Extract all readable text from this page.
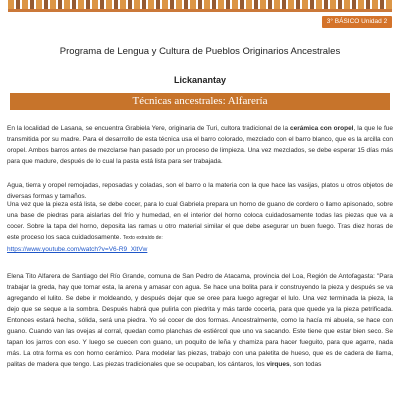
3° BÁSICO Unidad 2
Programa de Lengua y Cultura de Pueblos Originarios Ancestrales
Lickanantay
Técnicas ancestrales: Alfarería

En la localidad de Lasana, se encuentra Grabiela Yere, originaria de Turi, cultora tradicional de la cerámica con oropel, la que le fue transmitida por su madre. Para el desarrollo de esta técnica usa el barro colorado, mezclado con el barro blanco, que es la arcilla con oropel. Ambos barros antes de mezclarse han pasado por un proceso de limpieza. Una vez mezclados, se debe esperar 15 días más para que madure, después de lo cual la pasta está lista para ser trabajada.

Agua, tierra y oropel remojadas, reposadas y coladas, son el barro o la materia con la que hace las vasijas, platos u otros objetos de diversas formas y tamaños.

Una vez que la pieza está lista, se debe cocer, para lo cual Gabriela prepara un horno de guano de cordero o llamo apisonado, sobre una base de piedras para aislarlas del frío y humedad, en el interior del horno coloca cuidadosamente todas las piezas que va a cocer. Sobre la tapa del horno, deposita las ramas u otro material similar el que debe asegurar un buen fuego. Tras diez horas de este proceso los saca cuidadosamente. Texto extraído de:
https://www.youtube.com/watch?v=V6-R9_XltVw

Elena Tito Alfarera de Santiago del Río Grande, comuna de San Pedro de Atacama, provincia del Loa, Región de Antofagasta: "Para trabajar la greda, hay que tomar esta, la arena y amasar con agua. Se hace una bolita para ir construyendo la pieza y después se va agregando el lulito. Se debe ir moldeando, y después dejar que se oree para luego agregar el lulo. Una vez terminada la pieza, la dejo que se seque a la sombra. Después habrá que pulirla con piedrita y más tarde cocerla, para que quede ya la pieza petrificada. Entonces estará hecha, sólida, será una piedra. Yo sé cocer de dos formas. Ancestralmente, como la hacía mi abuela, se hace con guano. Cuando van las ovejas al corral, quedan como planchas de estiércol que uno va sacando. Este tiene que estar bien seco. Se tapan los jarros con eso. Y luego se cuecen con guano, un poquito de leña y chamiza para hacer fueguito, para que agarre, nada más. La otra forma es con horno cerámico. Para modelar las piezas, trabajo con una paletita de hueso, que es de cadera de llama, palitas de madera que tengo. Las piezas tradicionales que se ocupaban, los cántaros, los virques, son todas
